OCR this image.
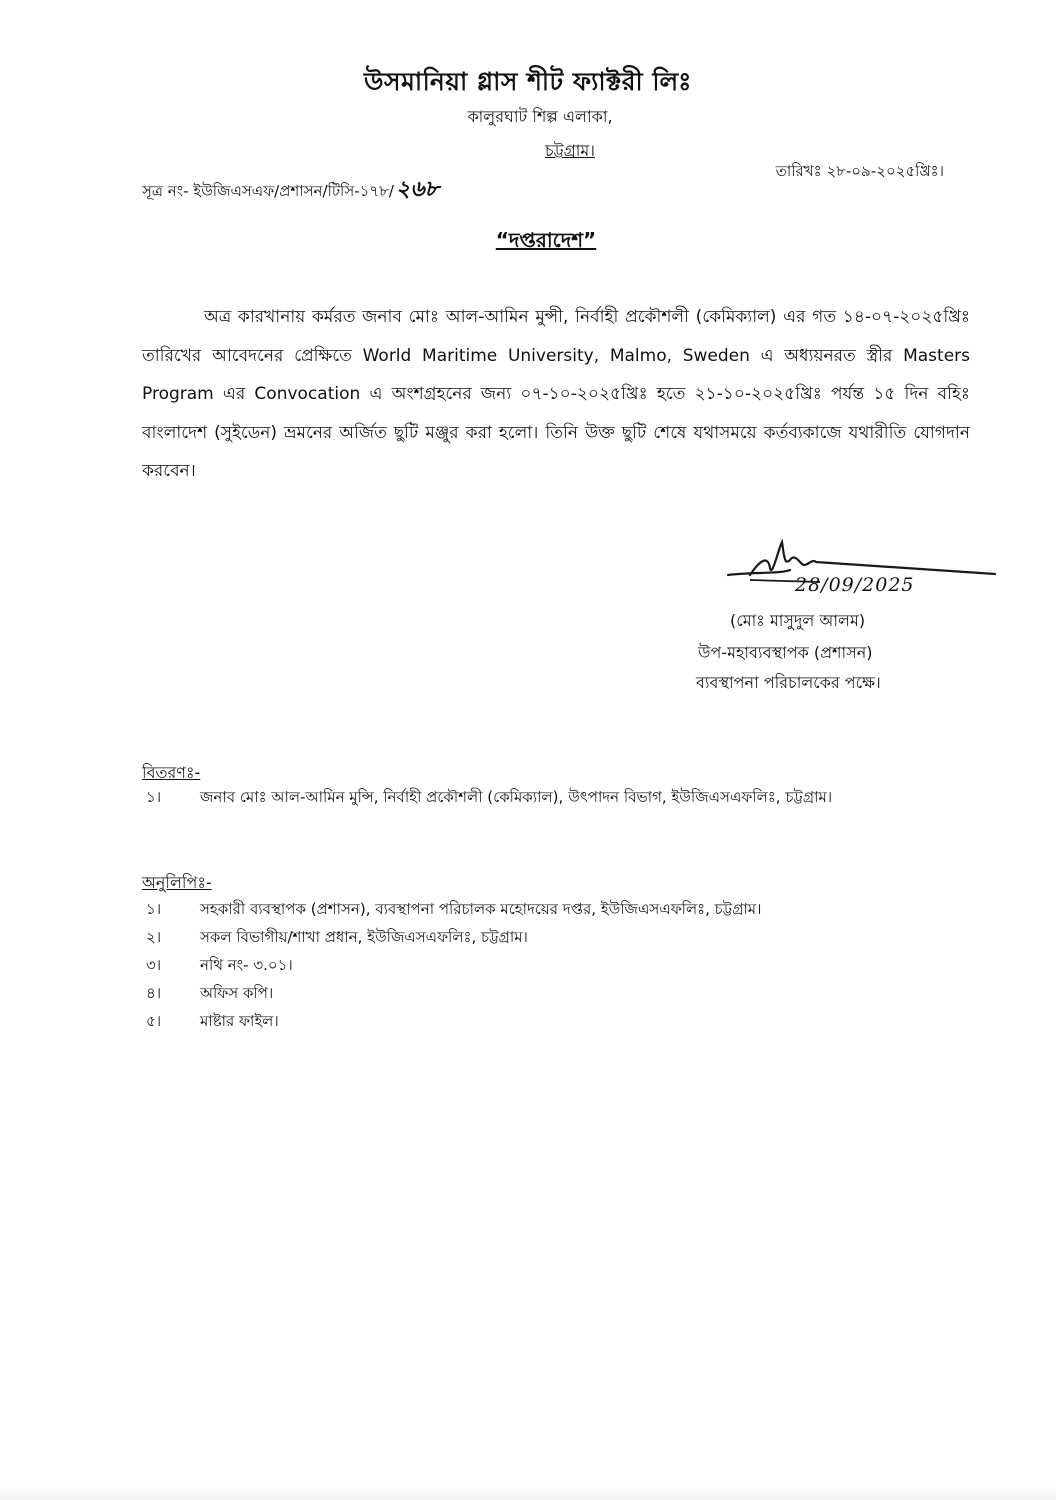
উসমানিয়া গ্লাস শীট ফ্যাক্টরী লিঃ
কালুরঘাট শিল্প এলাকা,
চট্টগ্রাম।
সূত্র নং- ইউজিএসএফ/প্রশাসন/টিসি-১৭৮/২৬৮
তারিখঃ ২৮-০৯-২০২৫খ্রিঃ।
“দপ্তরাদেশ”
অত্র কারখানায় কর্মরত জনাব মোঃ আল-আমিন মুন্সী, নির্বাহী প্রকৌশলী (কেমিক্যাল) এর গত ১৪-০৭-২০২৫খ্রিঃ তারিখের আবেদনের প্রেক্ষিতে World Maritime University, Malmo, Sweden এ অধ্যয়নরত স্ত্রীর Masters Program এর Convocation এ অংশগ্রহনের জন্য ০৭-১০-২০২৫খ্রিঃ হতে ২১-১০-২০২৫খ্রিঃ পর্যন্ত ১৫ দিন বহিঃ বাংলাদেশ (সুইডেন) ভ্রমনের অর্জিত ছুটি মঞ্জুর করা হলো। তিনি উক্ত ছুটি শেষে যথাসময়ে কর্তব্যকাজে যথারীতি যোগদান করবেন।
28/09/2025
(মোঃ মাসুদুল আলম)
উপ-মহাব্যবস্থাপক (প্রশাসন)
ব্যবস্থাপনা পরিচালকের পক্ষে।
বিতরণঃ-
১।	জনাব মোঃ আল-আমিন মুন্সি, নির্বাহী প্রকৌশলী (কেমিক্যাল), উৎপাদন বিভাগ, ইউজিএসএফলিঃ, চট্টগ্রাম।
অনুলিপিঃ-
১।	সহকারী ব্যবস্থাপক (প্রশাসন), ব্যবস্থাপনা পরিচালক মহোদয়ের দপ্তর, ইউজিএসএফলিঃ, চট্টগ্রাম।
২।	সকল বিভাগীয়/শাখা প্রধান, ইউজিএসএফলিঃ, চট্টগ্রাম।
৩।	নথি নং- ৩.০১।
৪।	অফিস কপি।
৫।	মাষ্টার ফাইল।
